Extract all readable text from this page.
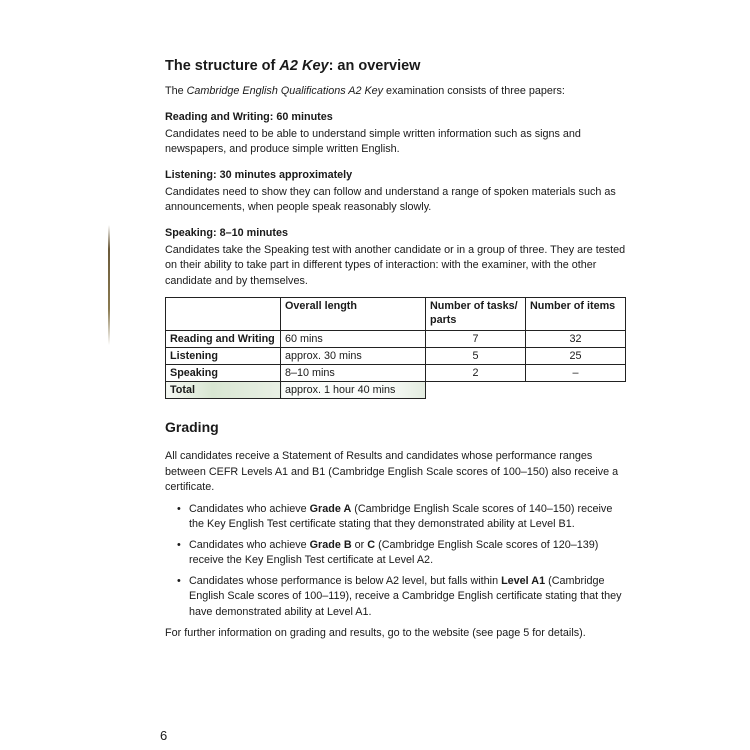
The structure of A2 Key: an overview

The Cambridge English Qualifications A2 Key examination consists of three papers:

Reading and Writing: 60 minutes

Candidates need to be able to understand simple written information such as signs and newspapers, and produce simple written English.

Listening: 30 minutes approximately

Candidates need to show they can follow and understand a range of spoken materials such as announcements, when people speak reasonably slowly.

Speaking: 8–10 minutes

Candidates take the Speaking test with another candidate or in a group of three. They are tested on their ability to take part in different types of interaction: with the examiner, with the other candidate and by themselves.

	Overall length	Number of tasks/ parts	Number of items
Reading and Writing	60 mins	7	32
Listening	approx. 30 mins	5	25
Speaking	8–10 mins	2	–
Total	approx. 1 hour 40 mins		
Grading

All candidates receive a Statement of Results and candidates whose performance ranges between CEFR Levels A1 and B1 (Cambridge English Scale scores of 100–150) also receive a certificate.

• Candidates who achieve Grade A (Cambridge English Scale scores of 140–150) receive the Key English Test certificate stating that they demonstrated ability at Level B1.
• Candidates who achieve Grade B or C (Cambridge English Scale scores of 120–139) receive the Key English Test certificate at Level A2.
• Candidates whose performance is below A2 level, but falls within Level A1 (Cambridge English Scale scores of 100–119), receive a Cambridge English certificate stating that they have demonstrated ability at Level A1.

For further information on grading and results, go to the website (see page 5 for details).

6
